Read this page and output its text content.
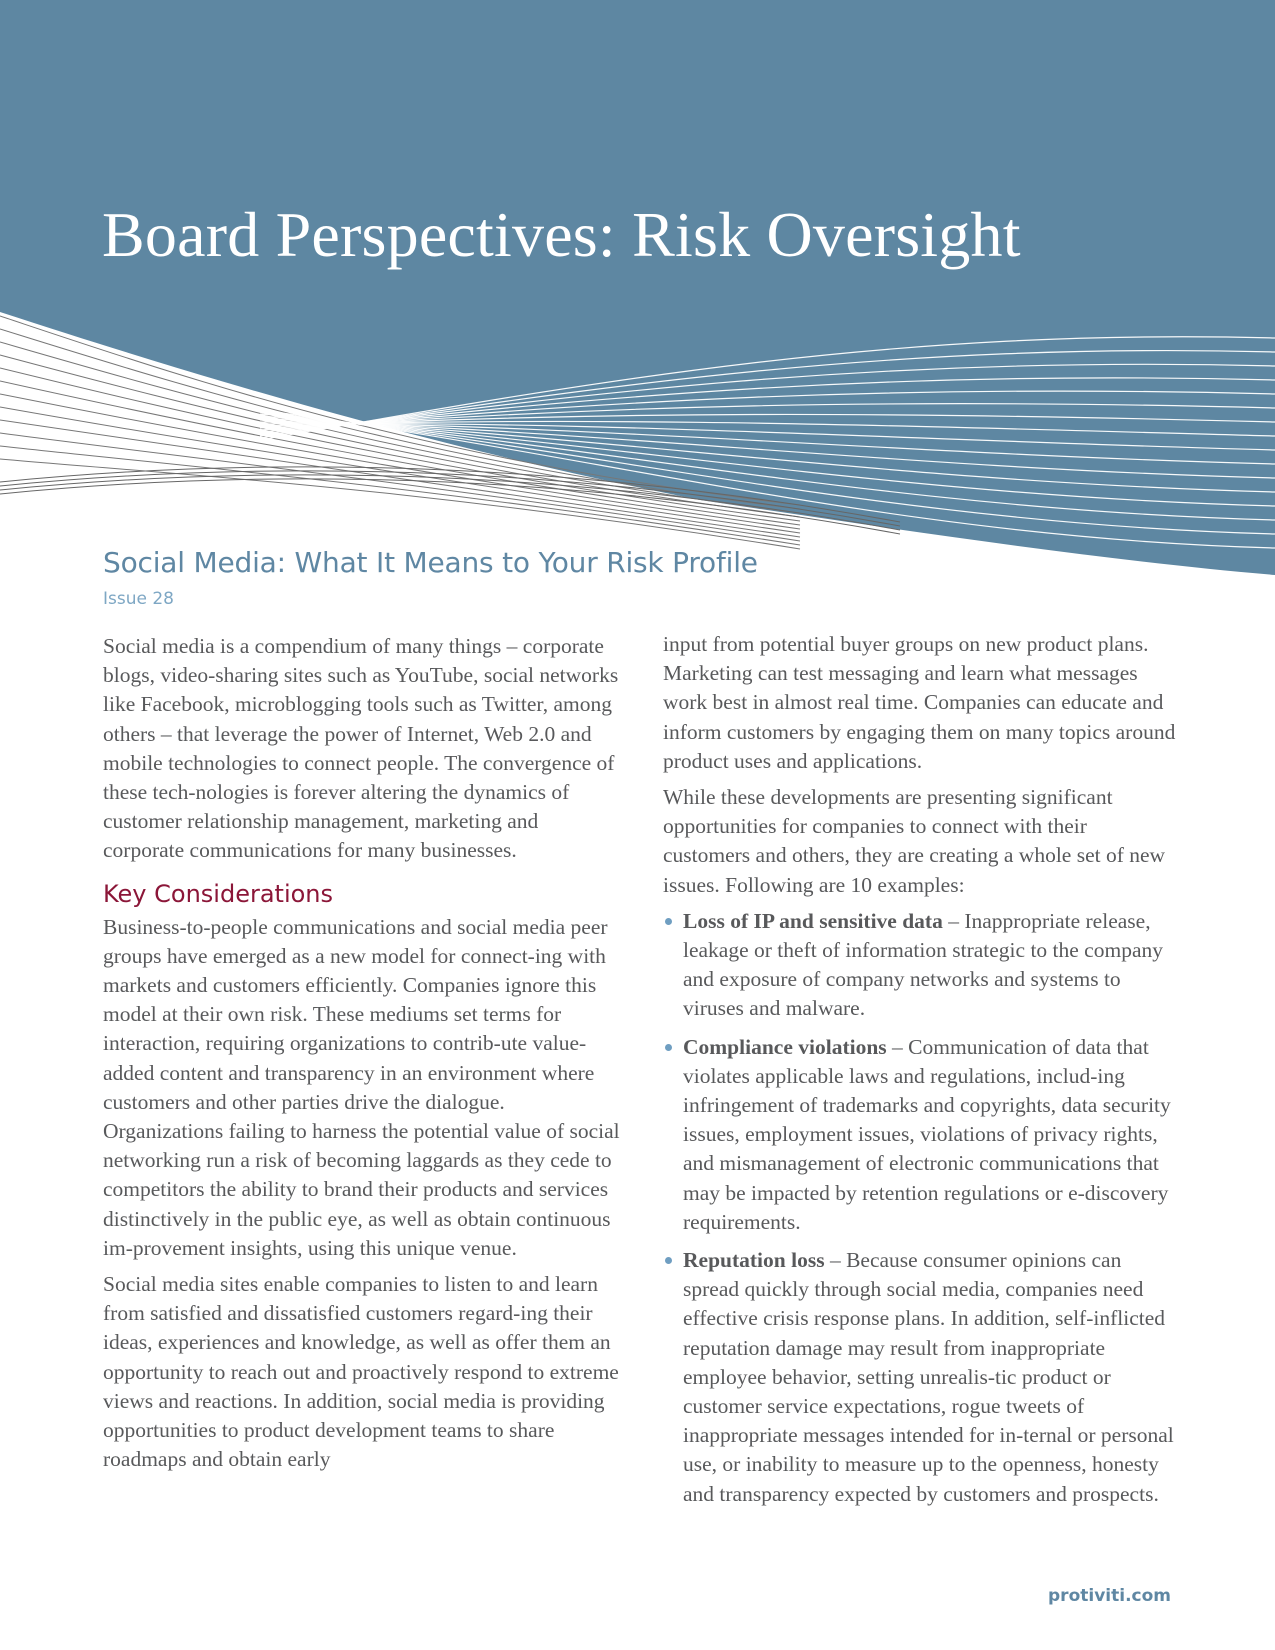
Board Perspectives: Risk Oversight
Social Media: What It Means to Your Risk Profile
Issue 28

Social media is a compendium of many things – corporate blogs, video-sharing sites such as YouTube, social networks like Facebook, microblogging tools such as Twitter, among others – that leverage the power of Internet, Web 2.0 and mobile technologies to connect people. The convergence of these tech-nologies is forever altering the dynamics of customer relationship management, marketing and corporate communications for many businesses.

Key Considerations

Business-to-people communications and social media peer groups have emerged as a new model for connect-ing with markets and customers efficiently. Companies ignore this model at their own risk. These mediums set terms for interaction, requiring organizations to contrib-ute value-added content and transparency in an environment where customers and other parties drive the dialogue. Organizations failing to harness the potential value of social networking run a risk of becoming laggards as they cede to competitors the ability to brand their products and services distinctively in the public eye, as well as obtain continuous im-provement insights, using this unique venue.

Social media sites enable companies to listen to and learn from satisfied and dissatisfied customers regard-ing their ideas, experiences and knowledge, as well as offer them an opportunity to reach out and proactively respond to extreme views and reactions. In addition, social media is providing opportunities to product development teams to share roadmaps and obtain early

input from potential buyer groups on new product plans. Marketing can test messaging and learn what messages work best in almost real time. Companies can educate and inform customers by engaging them on many topics around product uses and applications.

While these developments are presenting significant opportunities for companies to connect with their customers and others, they are creating a whole set of new issues. Following are 10 examples:

Loss of IP and sensitive data – Inappropriate release, leakage or theft of information strategic to the company and exposure of company networks and systems to viruses and malware.
Compliance violations – Communication of data that violates applicable laws and regulations, includ-ing infringement of trademarks and copyrights, data security issues, employment issues, violations of privacy rights, and mismanagement of electronic communications that may be impacted by retention regulations or e-discovery requirements.
Reputation loss – Because consumer opinions can spread quickly through social media, companies need effective crisis response plans. In addition, self-inflicted reputation damage may result from inappropriate employee behavior, setting unrealis-tic product or customer service expectations, rogue tweets of inappropriate messages intended for in-ternal or personal use, or inability to measure up to the openness, honesty and transparency expected by customers and prospects.
protiviti.com
